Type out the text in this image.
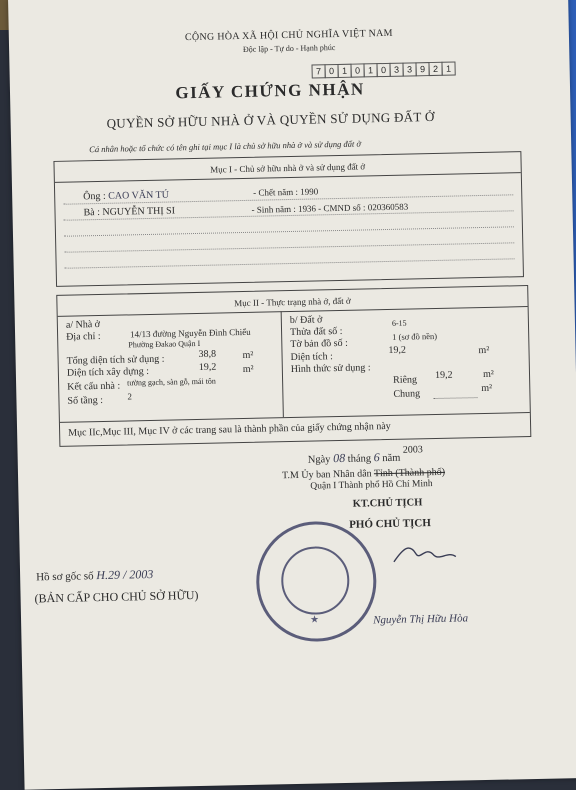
CỘNG HÒA XÃ HỘI CHỦ NGHĨA VIỆT NAM
Độc lập - Tự do - Hạnh phúc
7 0 1 0 1 0 3 3 9 2 1
GIẤY CHỨNG NHẬN
QUYỀN SỞ HỮU NHÀ Ở VÀ QUYỀN SỬ DỤNG ĐẤT Ở
Cá nhân hoặc tổ chức có tên ghi tại mục I là chủ sở hữu nhà ở và sử dụng đất ở
Mục I - Chủ sở hữu nhà ở và sử dụng đất ở
Ông : CAO VĂN TÚ	- Chết năm : 1990
Bà : NGUYỄN THỊ SI	- Sinh năm : 1936 - CMND số : 020360583
Mục II - Thực trạng nhà ở, đất ở
a/ Nhà ở
Địa chỉ :	14/13 đường Nguyễn Đình Chiểu
Phường Đakao Quận I
Tổng diện tích sử dụng :	38,8	m²
Diện tích xây dựng :	19,2	m²
Kết cấu nhà : tường gạch, sàn gỗ, mái tôn
Số tầng :	2
b/ Đất ở
Thửa đất số :
6-15
Tờ bản đồ số :
1 (sơ đồ nền)
Diện tích :
19,2	m²
Hình thức sử dụng :
Riêng 19,2	m²
Chung	m²
Mục IIc,Mục III, Mục IV ở các trang sau là thành phần của giấy chứng nhận này
Ngày 08 tháng 6 năm 2003
T.M Ủy ban Nhân dân Tỉnh (Thành phố)
Quận I Thành phố Hồ Chí Minh
KT.CHỦ TỊCH
PHÓ CHỦ TỊCH
Hồ sơ gốc số H.29 / 2003
(BẢN CẤP CHO CHỦ SỞ HỮU)
★	Nguyễn Thị Hữu Hòa
